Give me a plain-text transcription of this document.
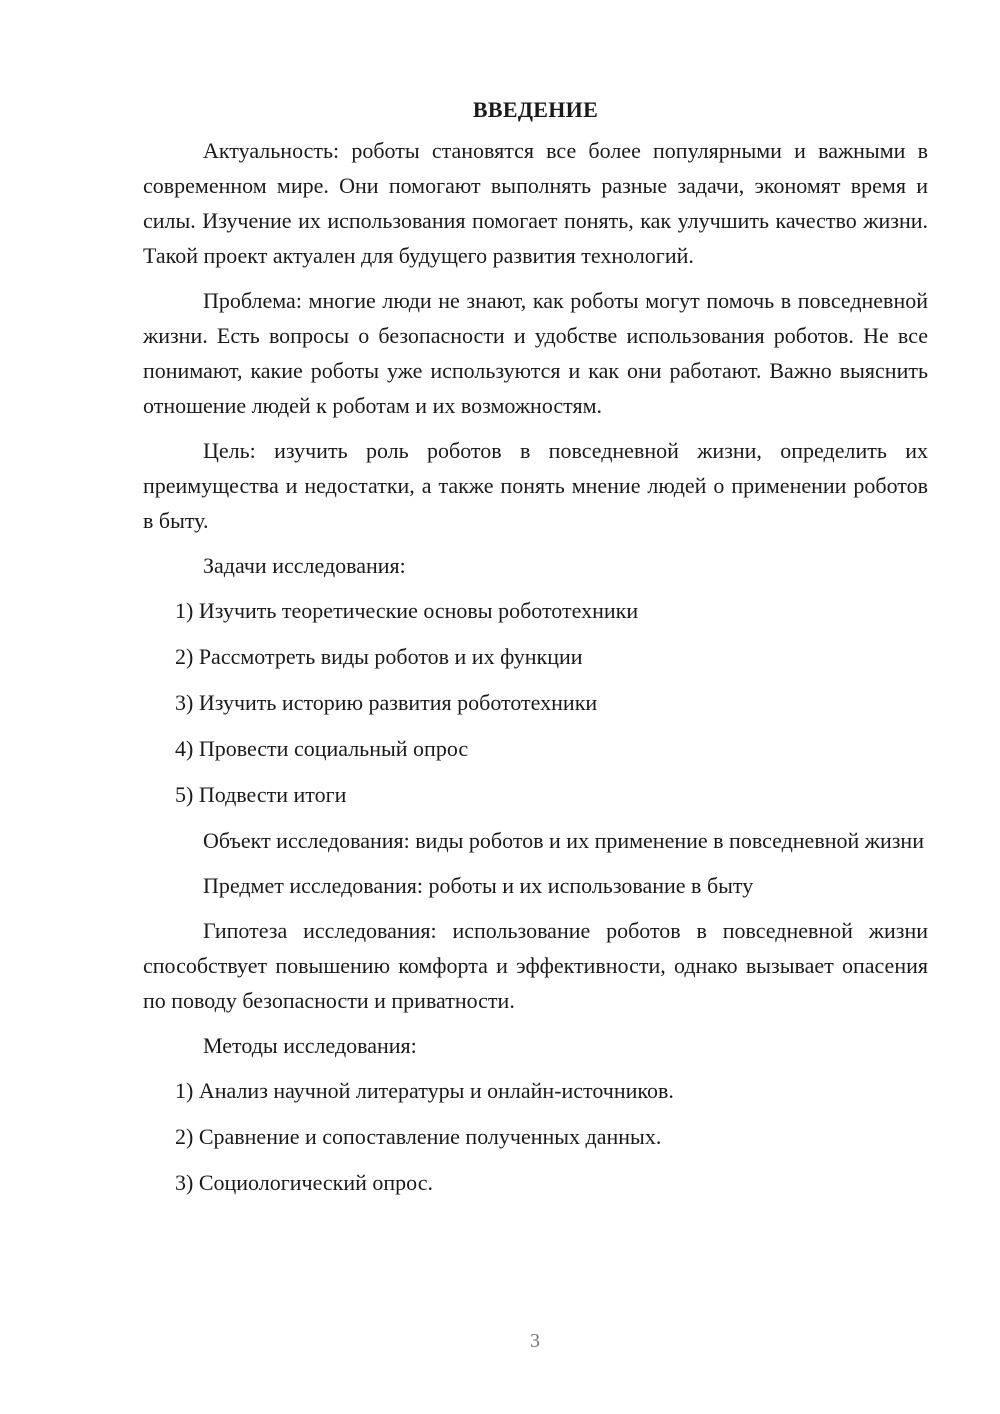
ВВЕДЕНИЕ

Актуальность: роботы становятся все более популярными и важными в современном мире. Они помогают выполнять разные задачи, экономят время и силы. Изучение их использования помогает понять, как улучшить качество жизни. Такой проект актуален для будущего развития технологий.

Проблема: многие люди не знают, как роботы могут помочь в повседневной жизни. Есть вопросы о безопасности и удобстве использования роботов. Не все понимают, какие роботы уже используются и как они работают. Важно выяснить отношение людей к роботам и их возможностям.

Цель: изучить роль роботов в повседневной жизни, определить их преимущества и недостатки, а также понять мнение людей о применении роботов в быту.

Задачи исследования:

1) Изучить теоретические основы робототехники
2) Рассмотреть виды роботов и их функции
3) Изучить историю развития робототехники
4) Провести социальный опрос
5) Подвести итоги

Объект исследования: виды роботов и их применение в повседневной жизни

Предмет исследования: роботы и их использование в быту

Гипотеза исследования: использование роботов в повседневной жизни способствует повышению комфорта и эффективности, однако вызывает опасения по поводу безопасности и приватности.

Методы исследования:

1) Анализ научной литературы и онлайн-источников.
2) Сравнение и сопоставление полученных данных.
3) Социологический опрос.
3
